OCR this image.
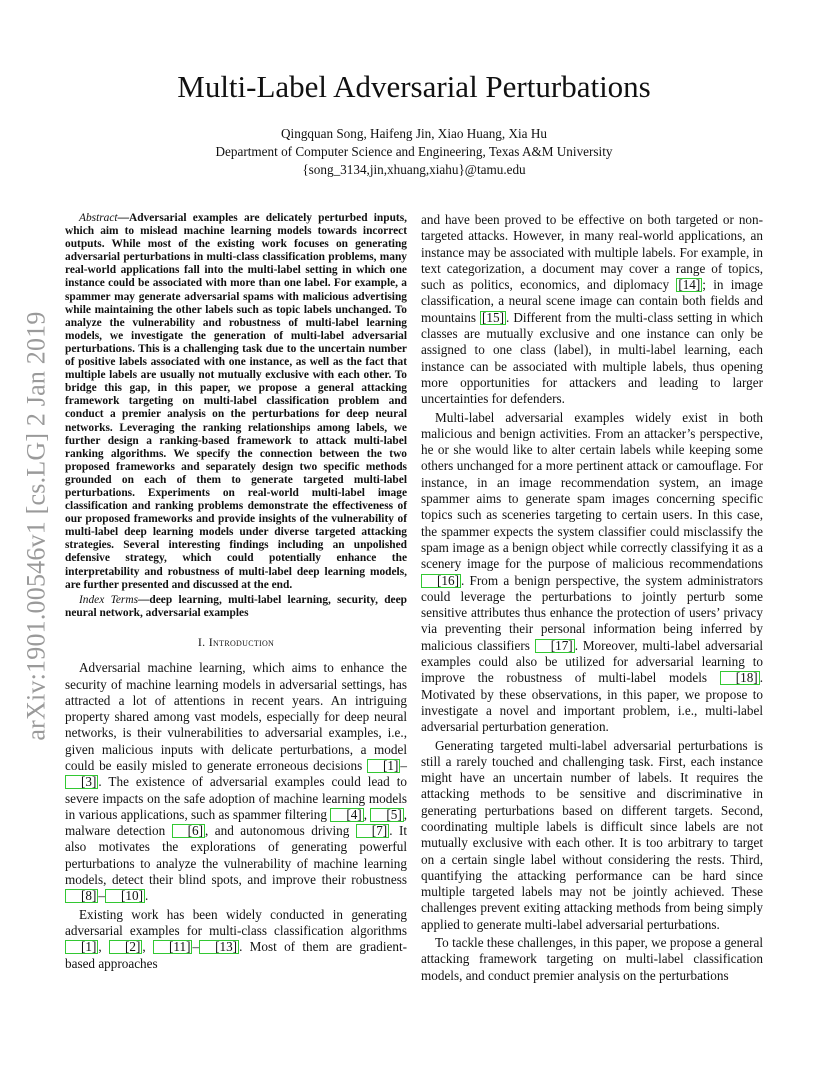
arXiv:1901.00546v1 [cs.LG] 2 Jan 2019
Multi-Label Adversarial Perturbations
Qingquan Song, Haifeng Jin, Xiao Huang, Xia Hu
Department of Computer Science and Engineering, Texas A&M University
{song_3134,jin,xhuang,xiahu}@tamu.edu

Abstract—Adversarial examples are delicately perturbed inputs, which aim to mislead machine learning models towards incorrect outputs. While most of the existing work focuses on generating adversarial perturbations in multi-class classification problems, many real-world applications fall into the multi-label setting in which one instance could be associated with more than one label. For example, a spammer may generate adversarial spams with malicious advertising while maintaining the other labels such as topic labels unchanged. To analyze the vulnerability and robustness of multi-label learning models, we investigate the generation of multi-label adversarial perturbations. This is a challenging task due to the uncertain number of positive labels associated with one instance, as well as the fact that multiple labels are usually not mutually exclusive with each other. To bridge this gap, in this paper, we propose a general attacking framework targeting on multi-label classification problem and conduct a premier analysis on the perturbations for deep neural networks. Leveraging the ranking relationships among labels, we further design a ranking-based framework to attack multi-label ranking algorithms. We specify the connection between the two proposed frameworks and separately design two specific methods grounded on each of them to generate targeted multi-label perturbations. Experiments on real-world multi-label image classification and ranking problems demonstrate the effectiveness of our proposed frameworks and provide insights of the vulnerability of multi-label deep learning models under diverse targeted attacking strategies. Several interesting findings including an unpolished defensive strategy, which could potentially enhance the interpretability and robustness of multi-label deep learning models, are further presented and discussed at the end.

Index Terms—deep learning, multi-label learning, security, deep neural network, adversarial examples

I. Introduction

Adversarial machine learning, which aims to enhance the security of machine learning models in adversarial settings, has attracted a lot of attentions in recent years. An intriguing property shared among vast models, especially for deep neural networks, is their vulnerabilities to adversarial examples, i.e., given malicious inputs with delicate perturbations, a model could be easily misled to generate erroneous decisions [1] –[3] . The existence of adversarial examples could lead to severe impacts on the safe adoption of machine learning models in various applications, such as spammer filtering [4] , [5] , malware detection [6] , and autonomous driving [7] . It also motivates the explorations of generating powerful perturbations to analyze the vulnerability of machine learning models, detect their blind spots, and improve their robustness [8] – [10] .

Existing work has been widely conducted in generating adversarial examples for multi-class classification algorithms [1] , [2] , [11] – [13] . Most of them are gradient-based approaches

and have been proved to be effective on both targeted or non-targeted attacks. However, in many real-world applications, an instance may be associated with multiple labels. For example, in text categorization, a document may cover a range of topics, such as politics, economics, and diplomacy [14] ; in image classification, a neural scene image can contain both fields and mountains [15] . Different from the multi-class setting in which classes are mutually exclusive and one instance can only be assigned to one class (label), in multi-label learning, each instance can be associated with multiple labels, thus opening more opportunities for attackers and leading to larger uncertainties for defenders.

Multi-label adversarial examples widely exist in both malicious and benign activities. From an attacker’s perspective, he or she would like to alter certain labels while keeping some others unchanged for a more pertinent attack or camouflage. For instance, in an image recommendation system, an image spammer aims to generate spam images concerning specific topics such as sceneries targeting to certain users. In this case, the spammer expects the system classifier could misclassify the spam image as a benign object while correctly classifying it as a scenery image for the purpose of malicious recommendations [16] . From a benign perspective, the system administrators could leverage the perturbations to jointly perturb some sensitive attributes thus enhance the protection of users’ privacy via preventing their personal information being inferred by malicious classifiers [17] . Moreover, multi-label adversarial examples could also be utilized for adversarial learning to improve the robustness of multi-label models [18] . Motivated by these observations, in this paper, we propose to investigate a novel and important problem, i.e., multi-label adversarial perturbation generation.

Generating targeted multi-label adversarial perturbations is still a rarely touched and challenging task. First, each instance might have an uncertain number of labels. It requires the attacking methods to be sensitive and discriminative in generating perturbations based on different targets. Second, coordinating multiple labels is difficult since labels are not mutually exclusive with each other. It is too arbitrary to target on a certain single label without considering the rests. Third, quantifying the attacking performance can be hard since multiple targeted labels may not be jointly achieved. These challenges prevent exiting attacking methods from being simply applied to generate multi-label adversarial perturbations.

To tackle these challenges, in this paper, we propose a general attacking framework targeting on multi-label classification models, and conduct premier analysis on the perturbations
